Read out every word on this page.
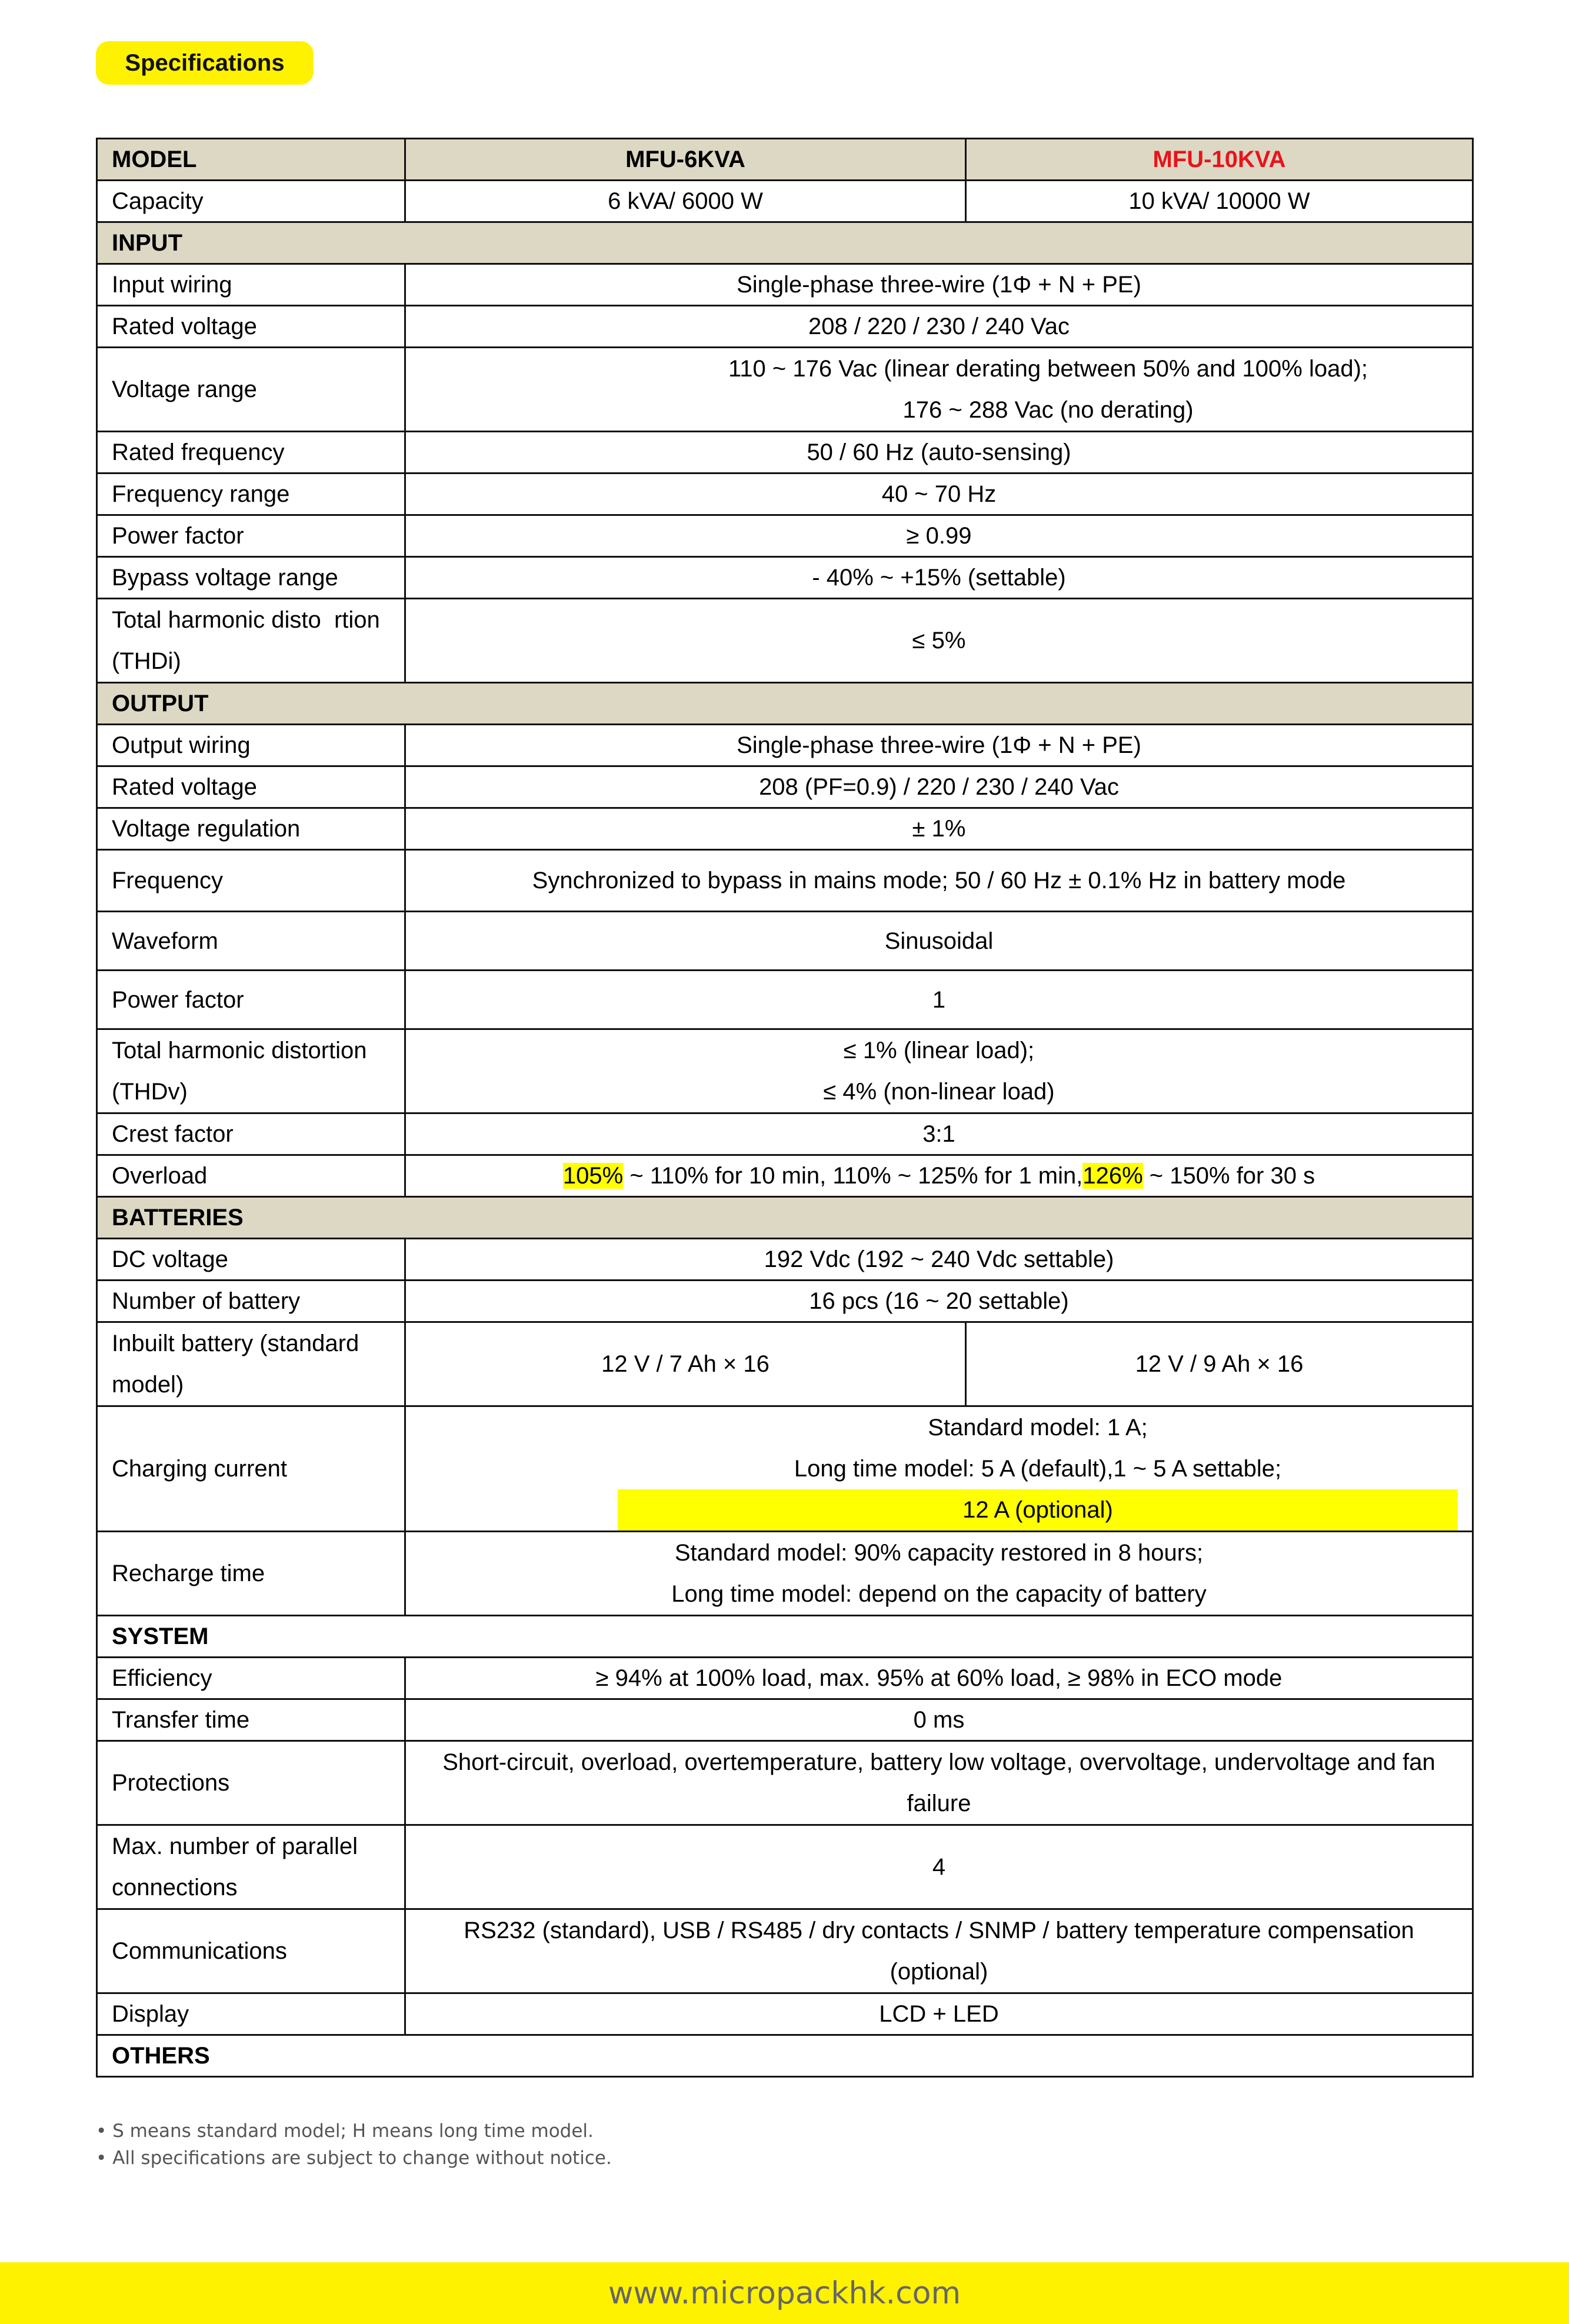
Specifications
MODEL	MFU-6KVA	MFU-10KVA
Capacity	6 kVA/ 6000 W	10 kVA/ 10000 W
INPUT		
Input wiring	Single-phase three-wire (1Φ + N + PE)	
Rated voltage	208 / 220 / 230 / 240 Vac	
Voltage range	110 ~ 176 Vac (linear derating between 50% and 100% load);
176 ~ 288 Vac (no derating)	

Rated frequency	50 / 60 Hz (auto-sensing)	
Frequency range	40 ~ 70 Hz	
Power factor	≥ 0.99	
Bypass voltage range	- 40% ~ +15% (settable)	

Total harmonic disto  rtion
(THDi)	≤ 5%	
OUTPUT		
Output wiring	Single-phase three-wire (1Φ + N + PE)	
Rated voltage	208 (PF=0.9) / 220 / 230 / 240 Vac	
Voltage regulation	± 1%	
Frequency	Synchronized to bypass in mains mode; 50 / 60 Hz ± 0.1% Hz in battery mode	
Waveform	Sinusoidal	
Power factor	1	

Total harmonic distortion
(THDv)	≤ 1% (linear load);
≤ 4% (non-linear load)	

Crest factor	3:1	
Overload	105% ~ 110% for 10 min, 110% ~ 125% for 1 min,126% ~ 150% for 30 s	
BATTERIES		
DC voltage	192 Vdc (192 ~ 240 Vdc settable)	
Number of battery	16 pcs (16 ~ 20 settable)	

Inbuilt battery (standard
model)	12 V / 7 Ah × 16	12 V / 9 Ah × 16
Charging current	Standard model: 1 A;
Long time model: 5 A (default),1 ~ 5 A settable;
12 A (optional)	

Recharge time	Standard model: 90% capacity restored in 8 hours;
Long time model: depend on the capacity of battery	

SYSTEM		
Efficiency	≥ 94% at 100% load, max. 95% at 60% load, ≥ 98% in ECO mode	
Transfer time	0 ms	
Protections	Short-circuit, overload, overtemperature, battery low voltage, overvoltage, undervoltage and fan
failure	

Max. number of parallel
connections	4	
Communications	RS232 (standard), USB / RS485 / dry contacts / SNMP / battery temperature compensation
(optional)	

Display	LCD + LED	
OTHERS		
• S means standard model; H means long time model.
• All specifications are subject to change without notice.
www.micropackhk.com
